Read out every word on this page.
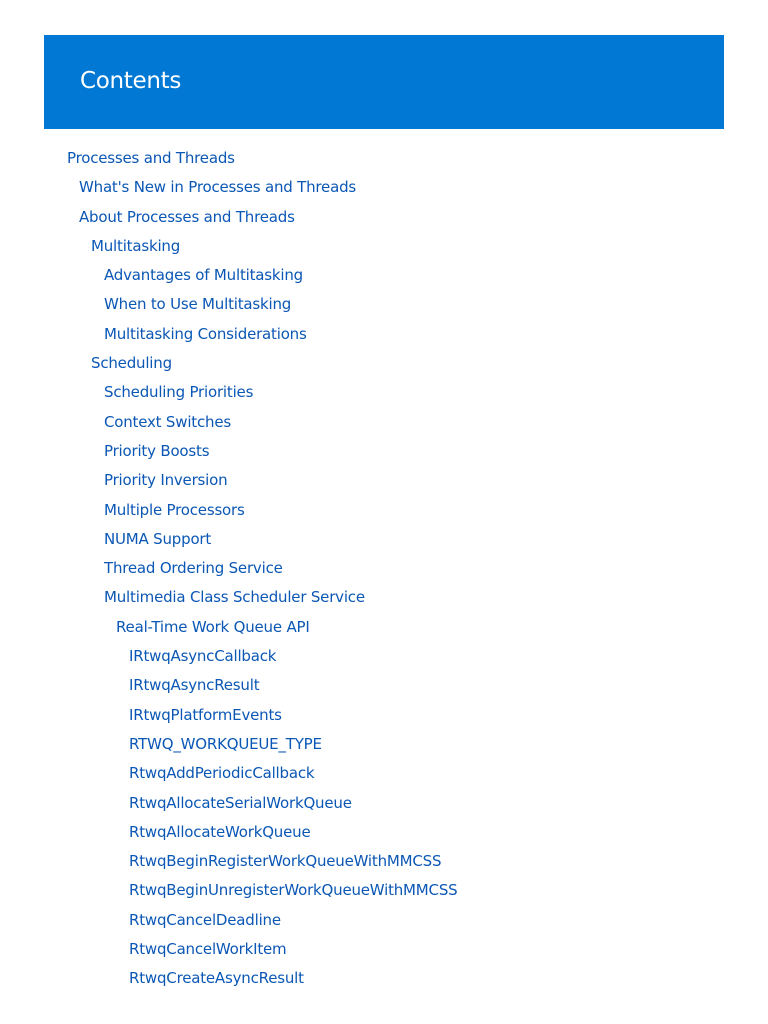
Contents
Processes and Threads
What's New in Processes and Threads
About Processes and Threads
Multitasking
Advantages of Multitasking
When to Use Multitasking
Multitasking Considerations
Scheduling
Scheduling Priorities
Context Switches
Priority Boosts
Priority Inversion
Multiple Processors
NUMA Support
Thread Ordering Service
Multimedia Class Scheduler Service
Real-Time Work Queue API
IRtwqAsyncCallback
IRtwqAsyncResult
IRtwqPlatformEvents
RTWQ_WORKQUEUE_TYPE
RtwqAddPeriodicCallback
RtwqAllocateSerialWorkQueue
RtwqAllocateWorkQueue
RtwqBeginRegisterWorkQueueWithMMCSS
RtwqBeginUnregisterWorkQueueWithMMCSS
RtwqCancelDeadline
RtwqCancelWorkItem
RtwqCreateAsyncResult
